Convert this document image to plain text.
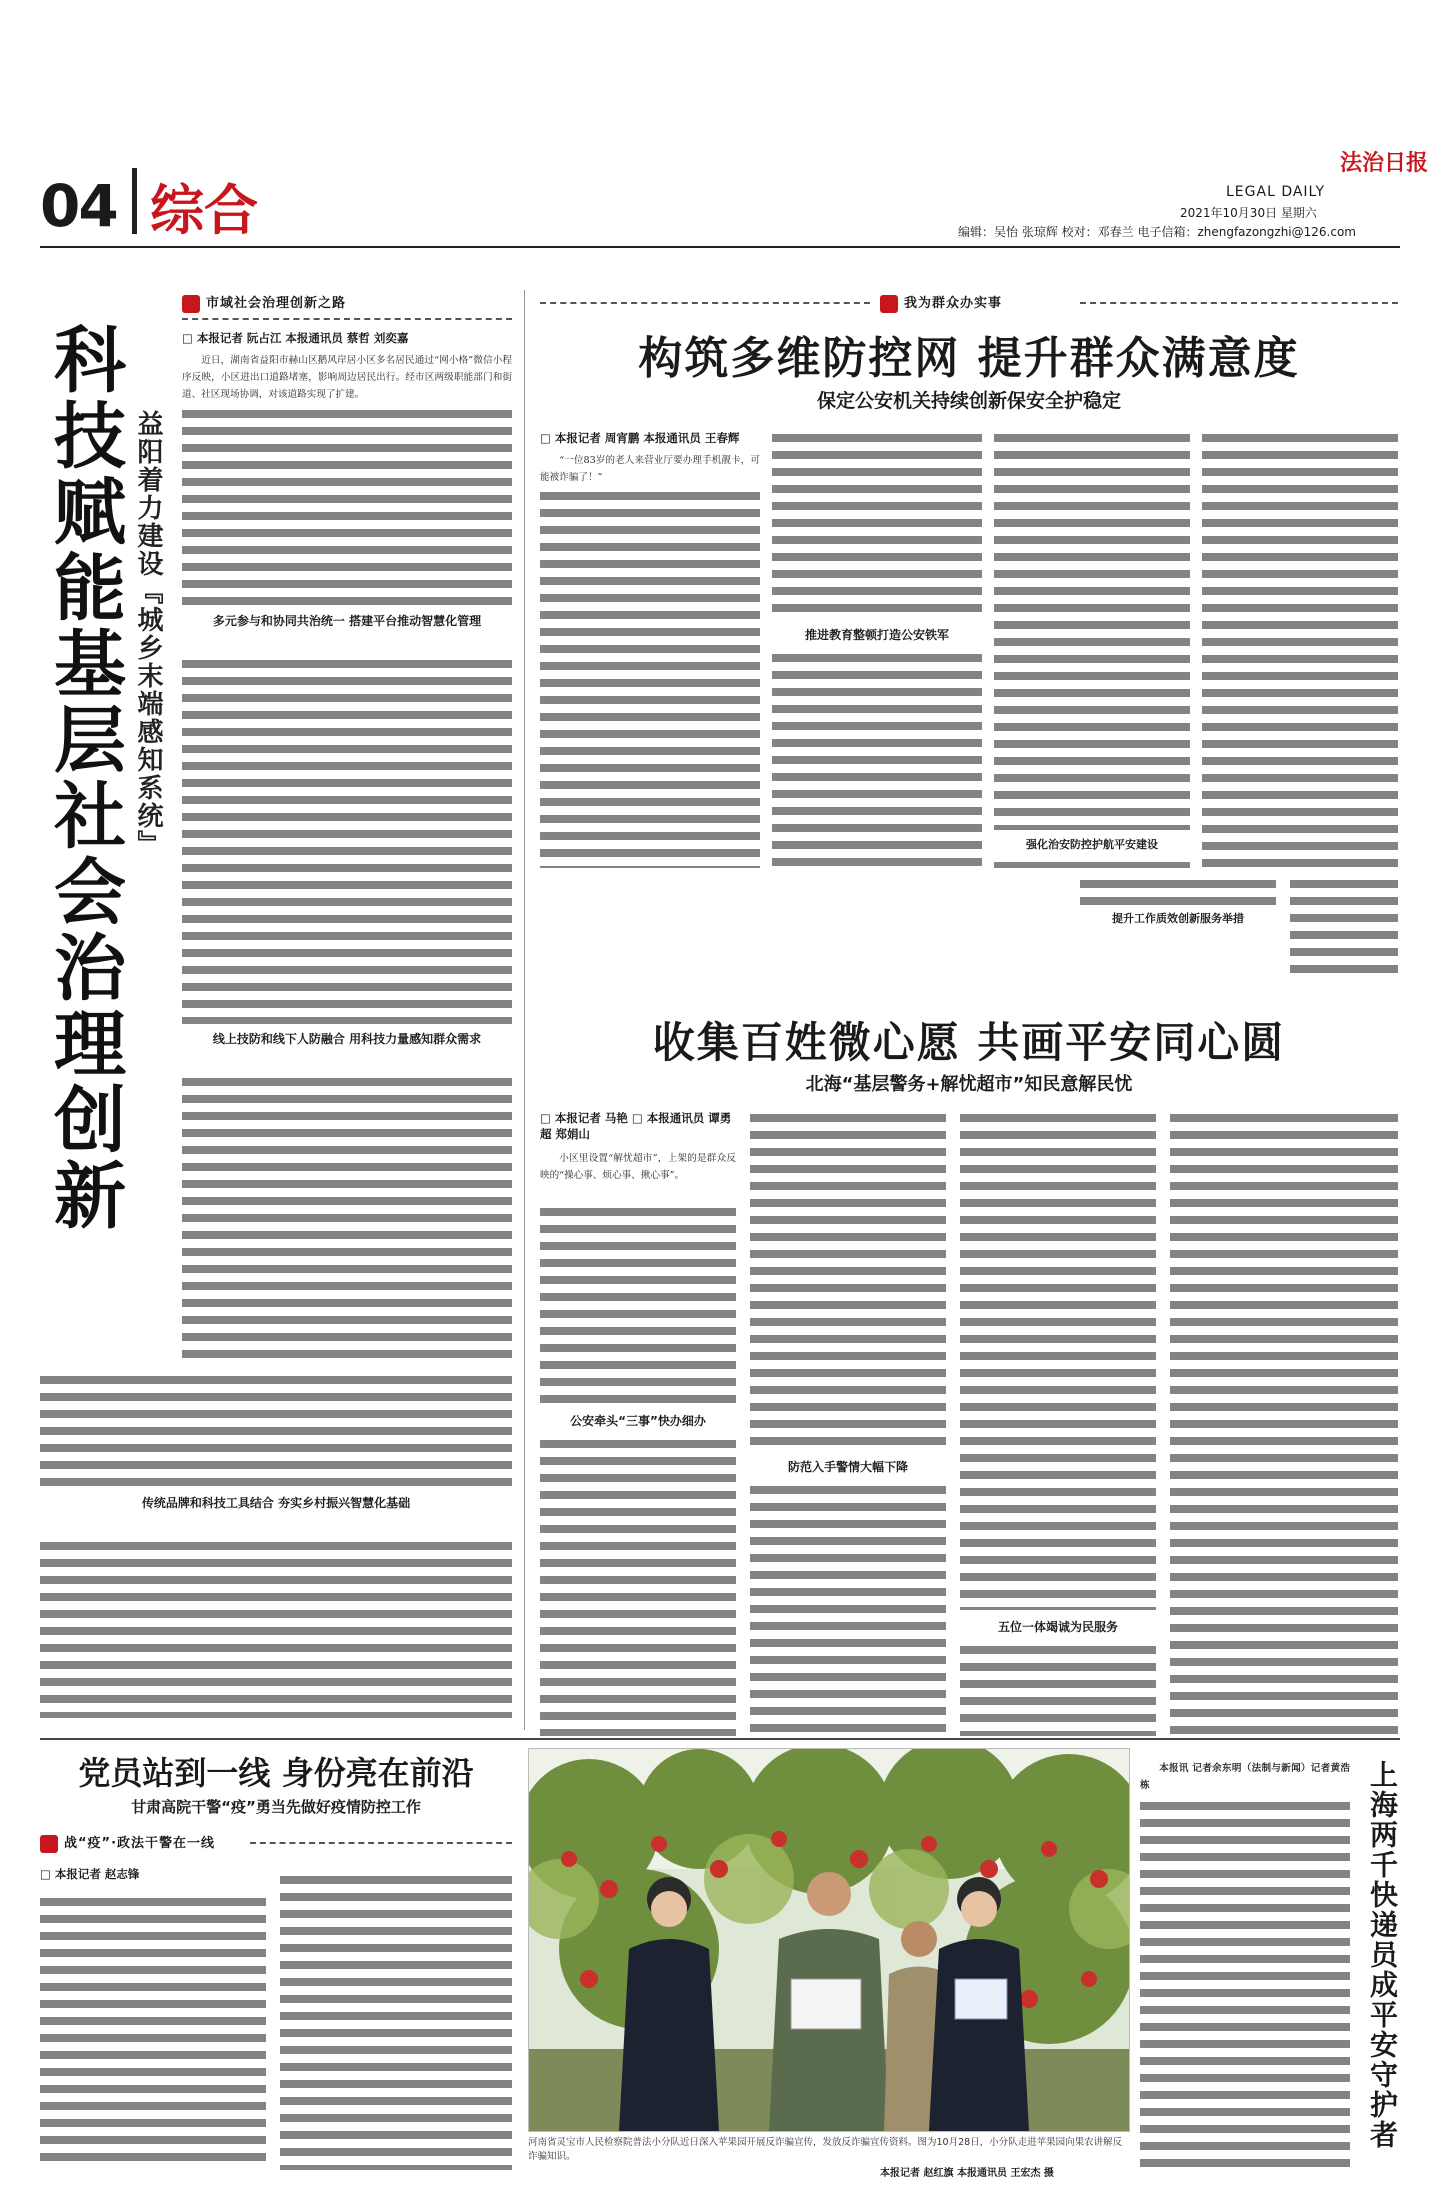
04 综合
法治日报
LEGAL DAILY
2021年10月30日 星期六
编辑：吴怡 张琼辉 校对：邓春兰 电子信箱：zhengfazongzhi@126.com
市域社会治理创新之路
□ 本报记者 阮占江 本报通讯员 蔡哲 刘奕嘉
科技赋能基层社会治理创新 益阳着力建设『城乡末端感知系统』
近日，湖南省益阳市赫山区鹅风岸居小区多名居民通过“网小格”微信小程序反映，小区进出口道路堵塞，影响周边居民出行。经市区两级职能部门和街道、社区现场协调，对该道路实现了扩建。
多元参与和协同共治统一 搭建平台推动智慧化管理
线上技防和线下人防融合 用科技力量感知群众需求
传统品牌和科技工具结合 夯实乡村振兴智慧化基础
我为群众办实事
构筑多维防控网 提升群众满意度
保定公安机关持续创新保安全护稳定
□ 本报记者 周宵鹏 本报通讯员 王春辉
“一位83岁的老人来营业厅要办理手机靓卡，可能被诈骗了！”
推进教育整顿打造公安铁军
强化治安防控护航平安建设
提升工作质效创新服务举措
收集百姓微心愿 共画平安同心圆
北海“基层警务+解忧超市”知民意解民忧
□ 本报记者 马艳 □ 本报通讯员 谭勇超 郑娟山
小区里设置“解忧超市”，上架的是群众反映的“操心事、烦心事、揪心事”。
公安牵头“三事”快办细办
防范入手警情大幅下降
五位一体竭诚为民服务
党员站到一线 身份亮在前沿
甘肃高院干警“疫”勇当先做好疫情防控工作
战“疫”·政法干警在一线
□ 本报记者 赵志锋
河南省灵宝市人民检察院普法小分队近日深入苹果园开展反诈骗宣传，发放反诈骗宣传资料。图为10月28日，小分队走进苹果园向果农讲解反诈骗知识。
本报记者 赵红旗 本报通讯员 王宏杰 摄
上海两千快递员成平安守护者
本报讯 记者余东明（法制与新闻）记者黄浩栋
